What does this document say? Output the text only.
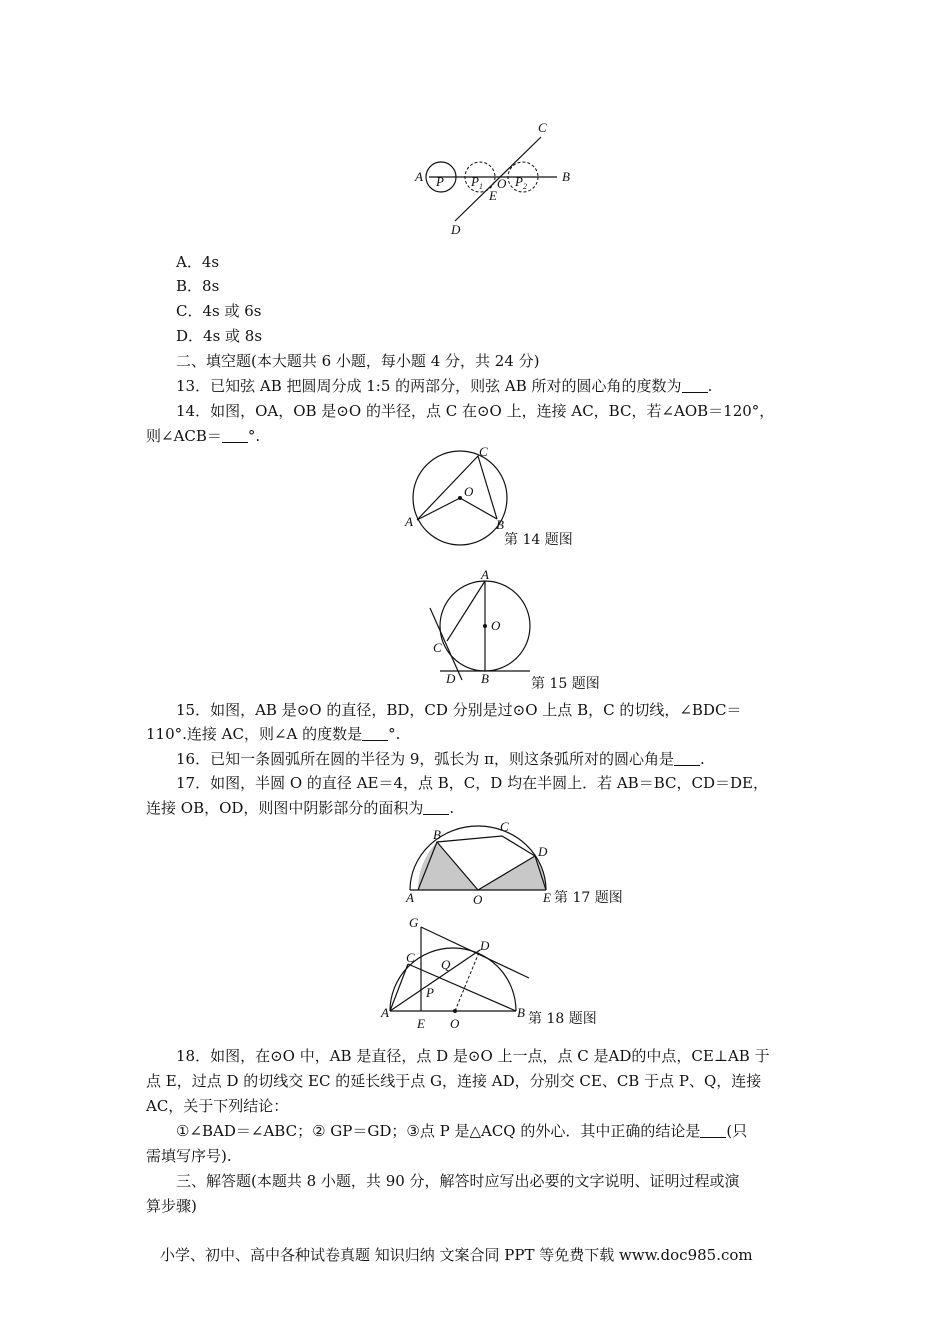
A P P 1 O P 2
E
B
C
D
A．4s
B．8s
C．4s 或 6s
D．4s 或 8s
二、填空题(本大题共 6 小题，每小题 4 分，共 24 分)
13．已知弦 AB 把圆周分成 1:5 的两部分，则弦 AB 所对的圆心角的度数为 .
14．如图，OA，OB 是⊙O 的半径，点 C 在⊙O 上，连接 AC，BC，若∠AOB＝120°，
则∠ACB＝ °.
C
O
A	B
第 14 题图
A
O
C
D B	第 15 题图
15．如图，AB 是⊙O 的直径，BD，CD 分别是过⊙O 上点 B，C 的切线，∠BDC＝
110°.连接 AC，则∠A 的度数是 °.
16．已知一条圆弧所在圆的半径为 9，弧长为 π，则这条弧所对的圆心角是 .
17．如图，半圆 O 的直径 AE＝4，点 B，C，D 均在半圆上．若 AB＝BC，CD＝DE，
连接 OB，OD，则图中阴影部分的面积为 .
B
C
D
A	O	E 第 17 题图
G
D
C Q
P
A
E O
B 第 18 题图
18．如图，在⊙O 中，AB 是直径，点 D 是⊙O 上一点，点 C 是AD的中点，CE⊥AB 于
点 E，过点 D 的切线交 EC 的延长线于点 G，连接 AD，分别交 CE、CB 于点 P、Q，连接
AC，关于下列结论：
①∠BAD＝∠ABC；② GP＝GD；③点 P 是△ACQ 的外心．其中正确的结论是 (只
需填写序号).
三、解答题(本题共 8 小题，共 90 分，解答时应写出必要的文字说明、证明过程或演
算步骤)
小学、初中、高中各种试卷真题 知识归纳 文案合同 PPT 等免费下载 www.doc985.com
